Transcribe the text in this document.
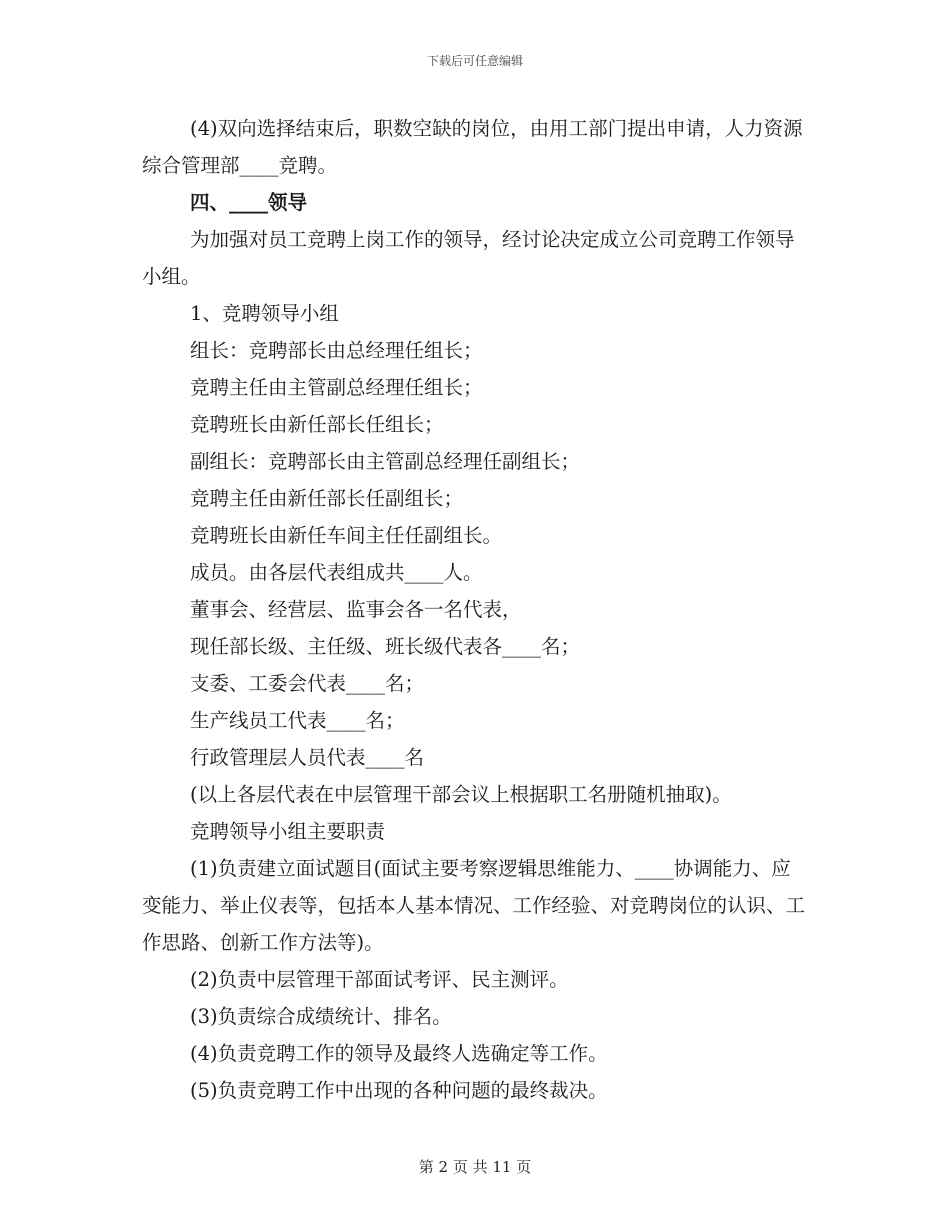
下载后可任意编辑

(4)双向选择结束后，职数空缺的岗位，由用工部门提出申请，人力资源综合管理部____竞聘。

四、____领导

为加强对员工竞聘上岗工作的领导，经讨论决定成立公司竞聘工作领导小组。

1、竞聘领导小组

组长：竞聘部长由总经理任组长；

竞聘主任由主管副总经理任组长；

竞聘班长由新任部长任组长；

副组长：竞聘部长由主管副总经理任副组长；

竞聘主任由新任部长任副组长；

竞聘班长由新任车间主任任副组长。

成员。由各层代表组成共____人。

董事会、经营层、监事会各一名代表，

现任部长级、主任级、班长级代表各____名；

支委、工委会代表____名；

生产线员工代表____名；

行政管理层人员代表____名

(以上各层代表在中层管理干部会议上根据职工名册随机抽取)。

竞聘领导小组主要职责

(1)负责建立面试题目(面试主要考察逻辑思维能力、____协调能力、应变能力、举止仪表等，包括本人基本情况、工作经验、对竞聘岗位的认识、工作思路、创新工作方法等)。

(2)负责中层管理干部面试考评、民主测评。

(3)负责综合成绩统计、排名。

(4)负责竞聘工作的领导及最终人选确定等工作。

(5)负责竞聘工作中出现的各种问题的最终裁决。

第 2 页 共 11 页
